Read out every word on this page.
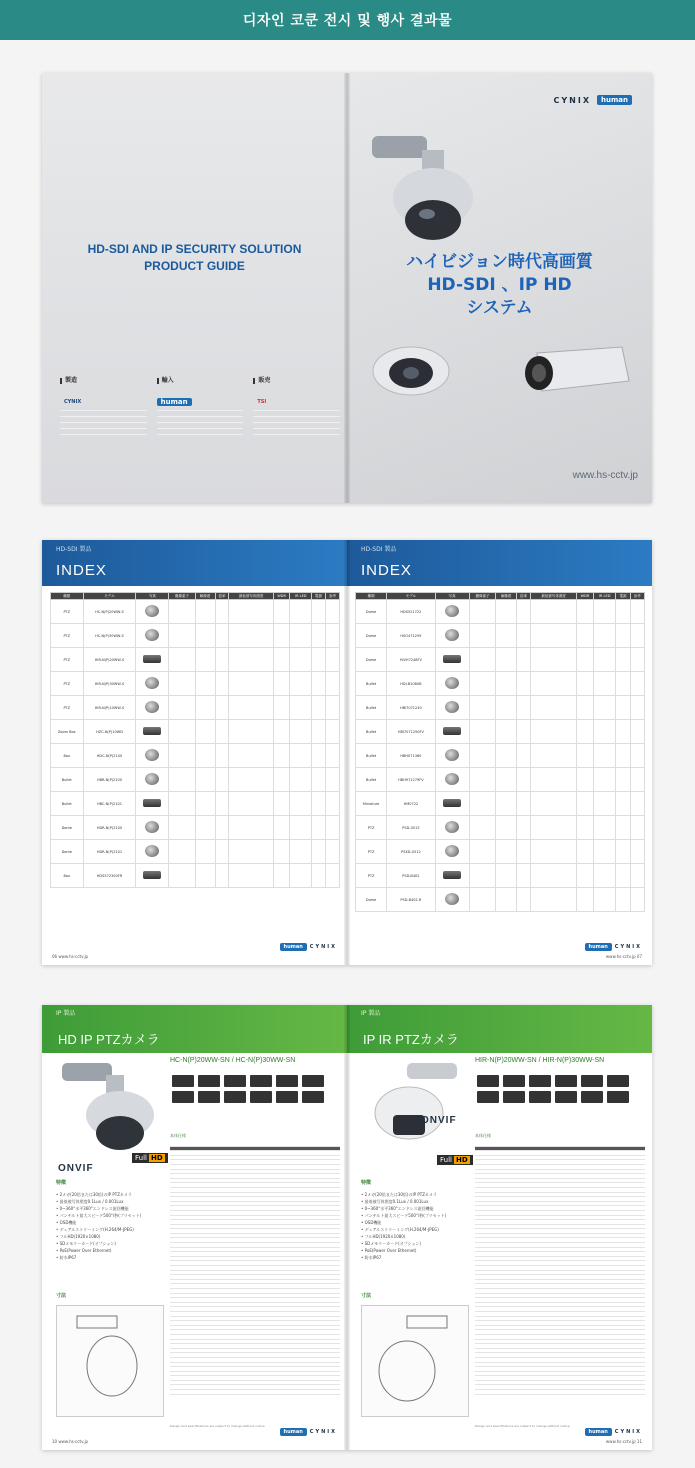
디자인 코쿤 전시 및 행사 결과물
HD-SDI AND IP SECURITY SOLUTION
PRODUCT GUIDE
製造
CYNIX
輸入
human
販売
TSI
CYNIX	human
ハイビジョン時代高画質
HD-SDI 、IP HD
システム
www.hs-cctv.jp
HD-SDI 製品
INDEX
種類	モデル	写真	撮像素子	解像度	倍率	最低被写体照度	WDR	IR LED	電源	参考
PTZ	HC-N(P)20WW-S									
PTZ	HC-N(P)30WW-S									
PTZ	HIR-N(P)20WW-S									
PTZ	HIR-N(P)30WW-S									
PTZ	HIR-N(P)10WW-S									
Zoom Box	HZC-N(P)10WD									
Box	HDC-N(P)2100									
Bullet	HBR-N(P)2100									
Bullet	HBC-N(P)2101									
Dome	HDR-N(P)2100									
Dome	HDR-N(P)2101									
Box	HDS572300FR									
human	CYNIX
06 www.hs-cctv.jp
HD-SDI 製品
INDEX
種類	モデル	写真	撮像素子	解像度	倍率	最低被写体照度	WDR	IR LED	電源	参考
Dome	HDS521722									
Dome	HSO471259									
Dome	HIVH7248FV									
Bullet	HDI-B1080B									
Bullet	HBI7071240									
Bullet	HBI7071250FV									
Bullet	HBH071360									
Bullet	HBH971279FV									
Miniature	HM0722									
PTZ	PSD-0513									
PTZ	PSXD-0512									
PTZ	PSD-B402									
Dome	PSD-B402-R									
human	CYNIX
www.hs-cctv.jp 07
IP 製品
HD IP PTZカメラ
ONVIF
Full HD
特徴
• 2メガ(20倍または30倍)のIP PTZカメラ
• 最低被写体照度0.1Lux / 0.001Lux
• 0~360°水平360°エンドレス旋回機能
• パンチルト最大スピード500°/秒(プリセット)
• OSD機能
• デュアルストリーミング(H.264/M-JPEG)
• フルHD(1920×1080)
• SDメモリーカード(オプション)
• PoE(Power Over Ethernet)
• 防水IP67
寸法
HC-N(P)20WW-SN / HC-N(P)30WW-SN
本体仕様
Design and specifications are subject to change without notice.
human	CYNIX
10 www.hs-cctv.jp
IP 製品
IP IR PTZカメラ
ONVIF
Full HD
特徴
• 2メガ(20倍または30倍)のIP PTZカメラ
• 最低被写体照度0.1Lux / 0.001Lux
• 0~360°水平360°エンドレス旋回機能
• パンチルト最大スピード500°/秒(プリセット)
• OSD機能
• デュアルストリーミング(H.264/M-JPEG)
• フルHD(1920×1080)
• SDメモリーカード(オプション)
• PoE(Power Over Ethernet)
• 防水IP67
寸法
HIR-N(P)20WW-SN / HIR-N(P)30WW-SN
本体仕様
Design and specifications are subject to change without notice.
human	CYNIX
www.hs-cctv.jp 11
